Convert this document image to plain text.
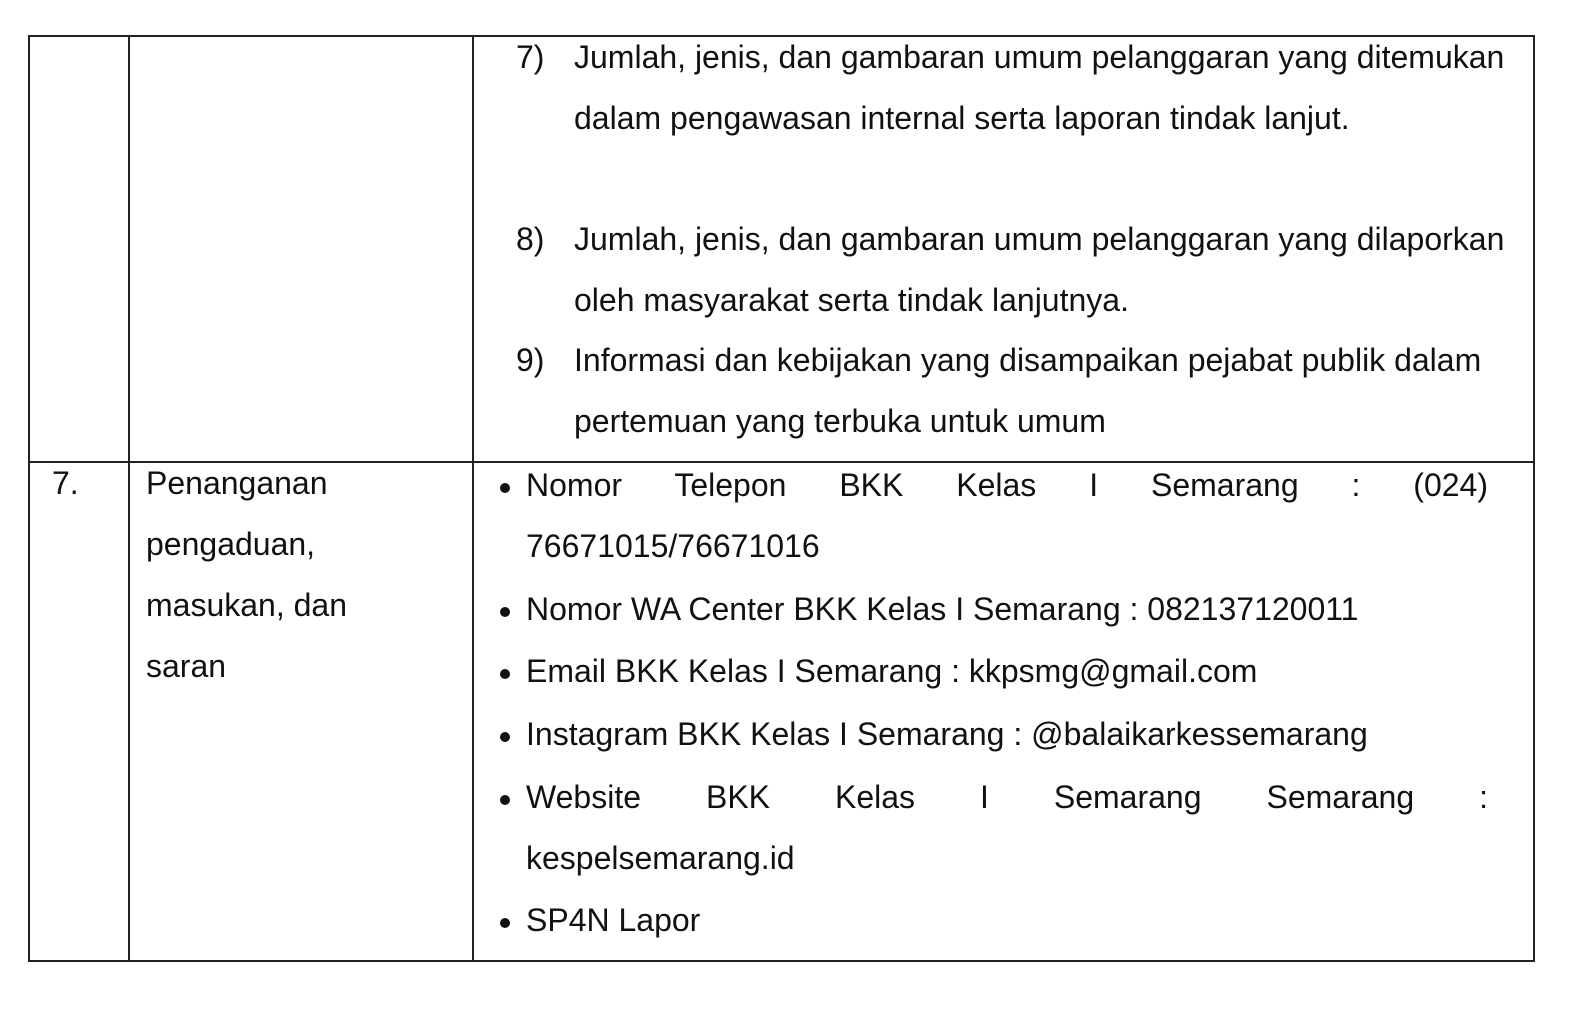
7) Jumlah, jenis, dan gambaran umum pelanggaran yang ditemukan dalam pengawasan internal serta laporan tindak lanjut.
8) Jumlah, jenis, dan gambaran umum pelanggaran yang dilaporkan oleh masyarakat serta tindak lanjutnya.
9) Informasi dan kebijakan yang disampaikan pejabat publik dalam pertemuan yang terbuka untuk umum
7. Penanganan pengaduan, masukan, dan saran
Nomor Telepon BKK Kelas I Semarang : (024)
76671015/76671016
Nomor WA Center BKK Kelas I Semarang : 082137120011
Email BKK Kelas I Semarang : kkpsmg@gmail.com
Instagram BKK Kelas I Semarang : @balaikarkessemarang
Website BKK Kelas I Semarang Semarang :
kespelsemarang.id
SP4N Lapor
